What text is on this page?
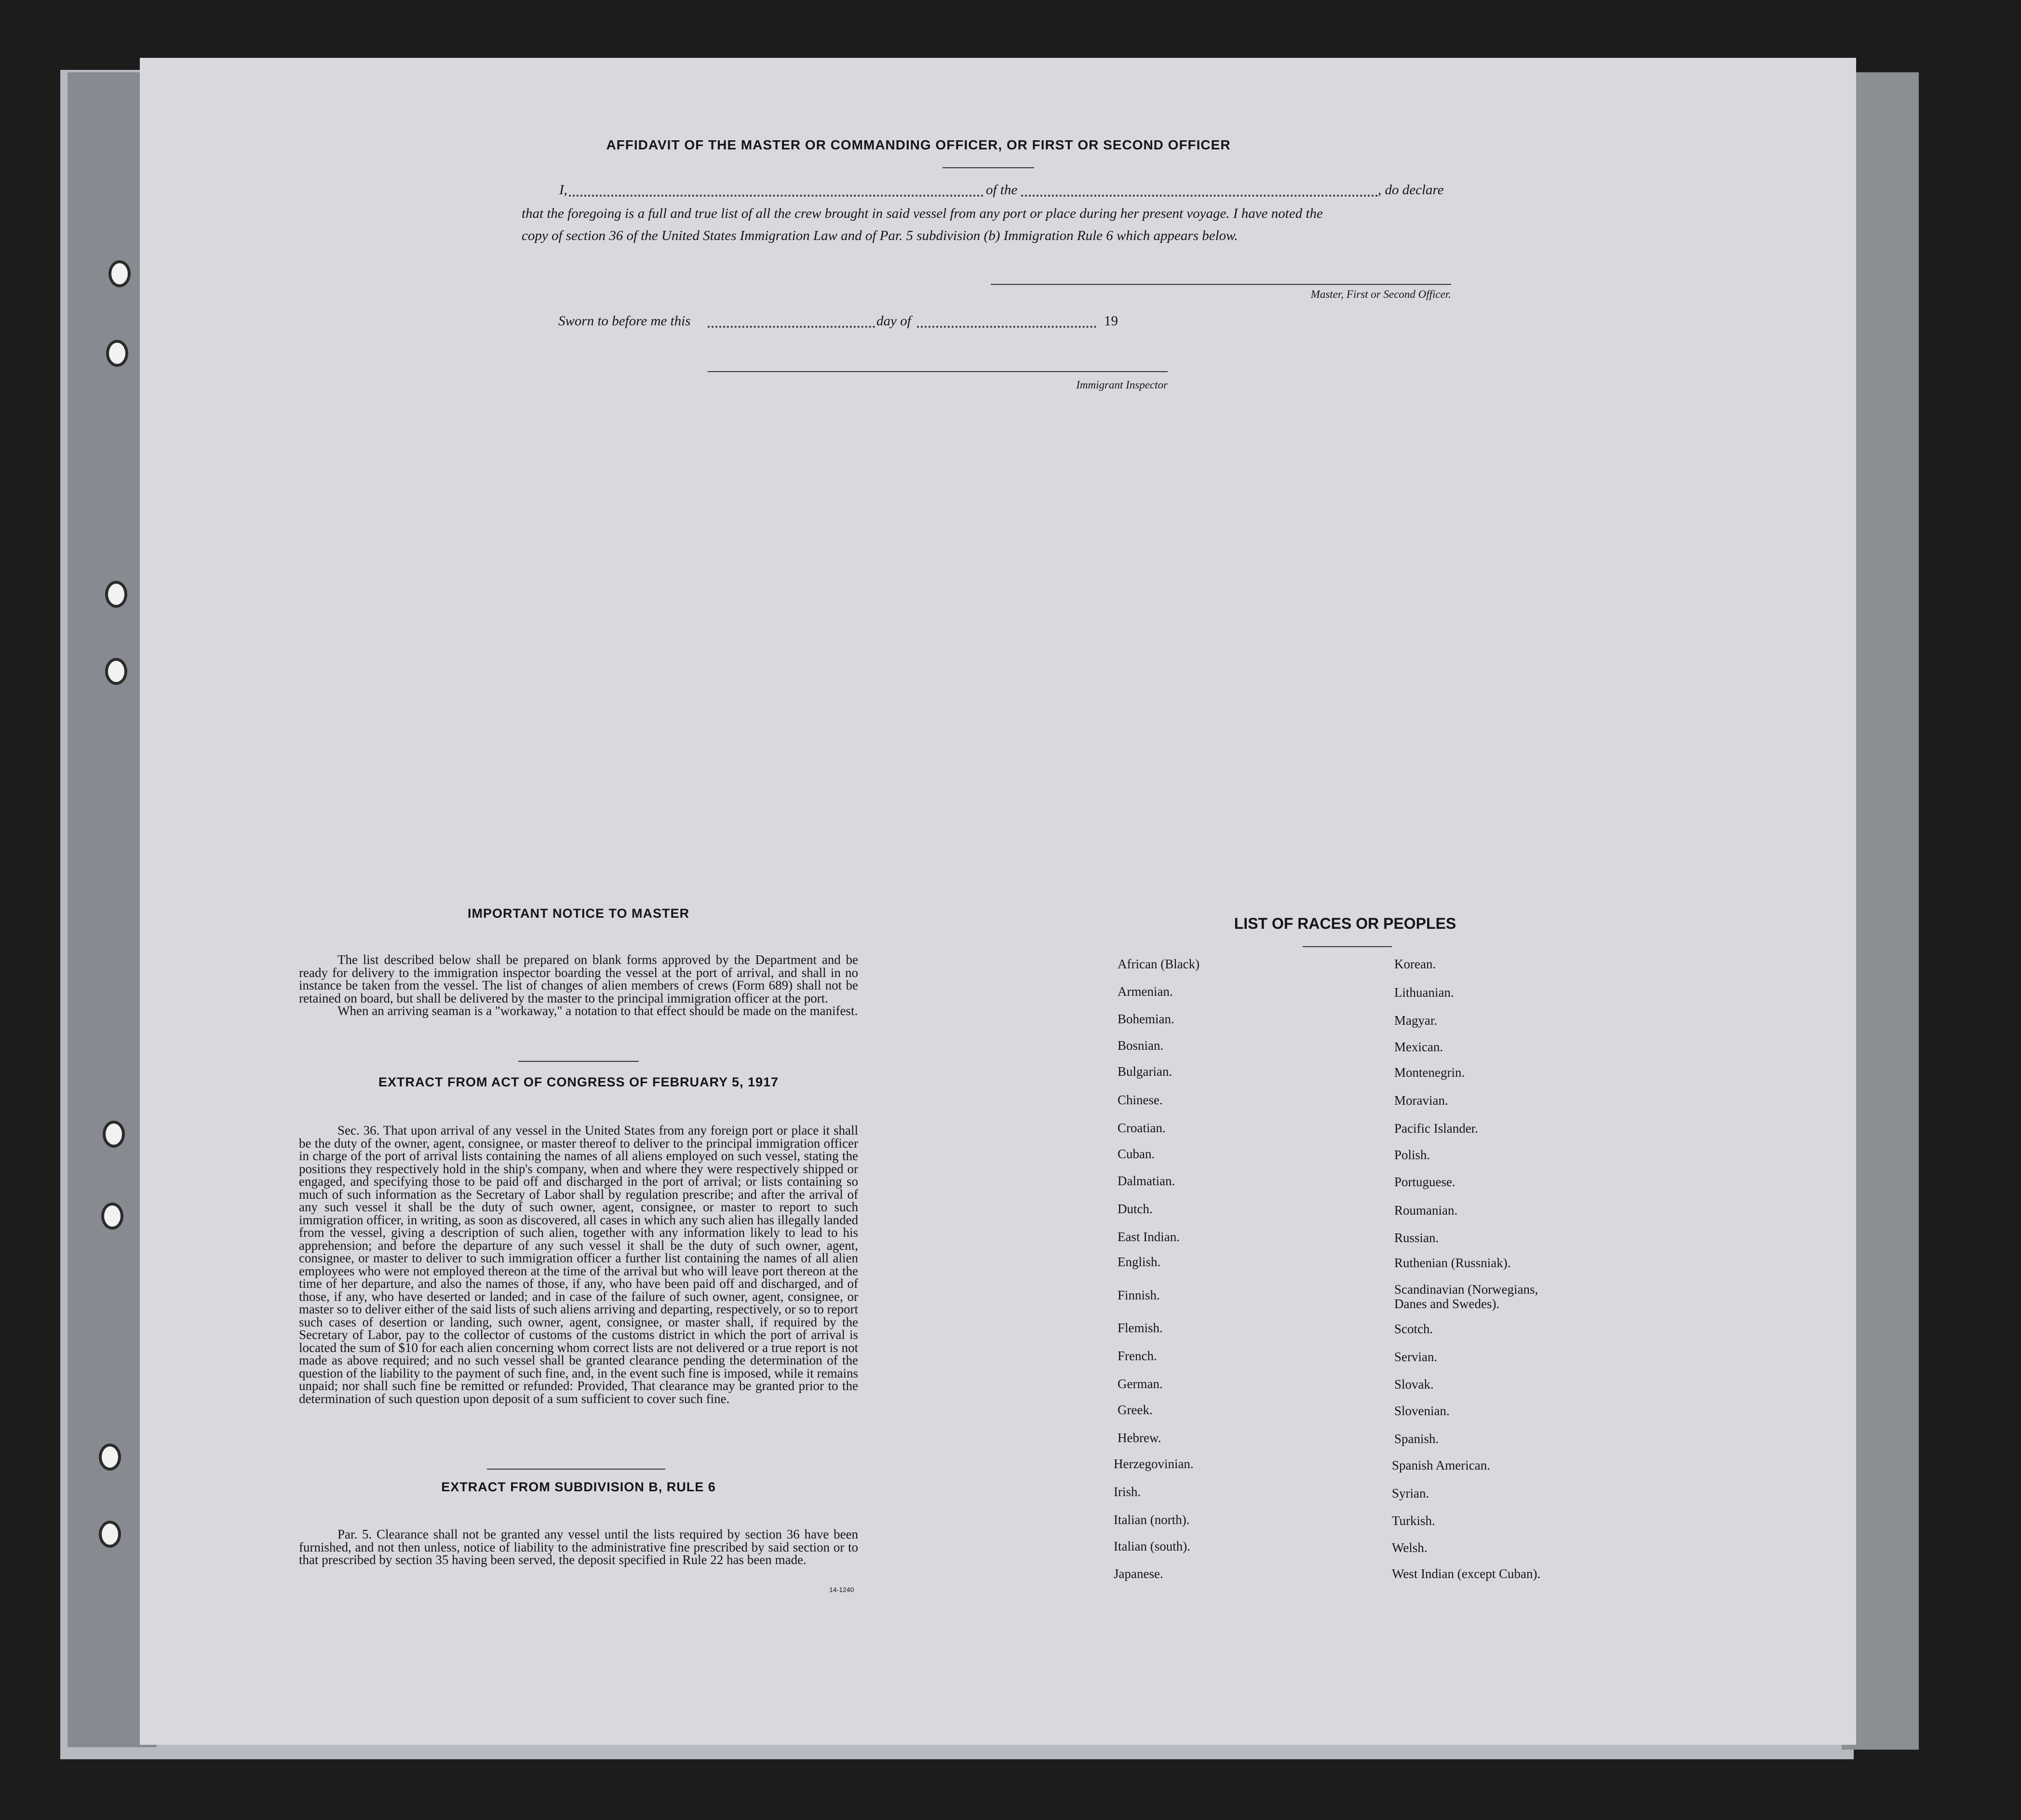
AFFIDAVIT OF THE MASTER OR COMMANDING OFFICER, OR FIRST OR SECOND OFFICER
I,	of the	, do declare
that the foregoing is a full and true list of all the crew brought in said vessel from any port or place during her present voyage. I have noted the
copy of section 36 of the United States Immigration Law and of Par. 5 subdivision (b) Immigration Rule 6 which appears below.
Master, First or Second Officer.
Sworn to before me this	day of	19
Immigrant Inspector
IMPORTANT NOTICE TO MASTER

The list described below shall be prepared on blank forms approved by the Department and be ready for delivery to the immigration inspector boarding the vessel at the port of arrival, and shall in no instance be taken from the vessel. The list of changes of alien members of crews (Form 689) shall not be retained on board, but shall be delivered by the master to the principal immigration officer at the port.

When an arriving seaman is a "workaway," a notation to that effect should be made on the manifest.

EXTRACT FROM ACT OF CONGRESS OF FEBRUARY 5, 1917

Sec. 36. That upon arrival of any vessel in the United States from any foreign port or place it shall be the duty of the owner, agent, consignee, or master thereof to deliver to the principal immigration officer in charge of the port of arrival lists containing the names of all aliens employed on such vessel, stating the positions they respectively hold in the ship's company, when and where they were respectively shipped or engaged, and specifying those to be paid off and discharged in the port of arrival; or lists containing so much of such information as the Secretary of Labor shall by regulation prescribe; and after the arrival of any such vessel it shall be the duty of such owner, agent, consignee, or master to report to such immigration officer, in writing, as soon as discovered, all cases in which any such alien has illegally landed from the vessel, giving a description of such alien, together with any information likely to lead to his apprehension; and before the departure of any such vessel it shall be the duty of such owner, agent, consignee, or master to deliver to such immigration officer a further list containing the names of all alien employees who were not employed thereon at the time of the arrival but who will leave port thereon at the time of her departure, and also the names of those, if any, who have been paid off and discharged, and of those, if any, who have deserted or landed; and in case of the failure of such owner, agent, consignee, or master so to deliver either of the said lists of such aliens arriving and departing, respectively, or so to report such cases of desertion or landing, such owner, agent, consignee, or master shall, if required by the Secretary of Labor, pay to the collector of customs of the customs district in which the port of arrival is located the sum of $10 for each alien concerning whom correct lists are not delivered or a true report is not made as above required; and no such vessel shall be granted clearance pending the determination of the question of the liability to the payment of such fine, and, in the event such fine is imposed, while it remains unpaid; nor shall such fine be remitted or refunded: Provided, That clearance may be granted prior to the determination of such question upon deposit of a sum sufficient to cover such fine.

EXTRACT FROM SUBDIVISION B, RULE 6

Par. 5. Clearance shall not be granted any vessel until the lists required by section 36 have been furnished, and not then unless, notice of liability to the administrative fine prescribed by said section or to that prescribed by section 35 having been served, the deposit specified in Rule 22 has been made.

14-1240
LIST OF RACES OR PEOPLES
African (Black)
Armenian.
Bohemian.
Bosnian.
Bulgarian.
Chinese.
Croatian.
Cuban.
Dalmatian.
Dutch.
East Indian.
English.
Finnish.
Flemish.
French.
German.
Greek.
Hebrew.
Herzegovinian.
Irish.
Italian (north).
Italian (south).
Japanese.
Korean.
Lithuanian.
Magyar.
Mexican.
Montenegrin.
Moravian.
Pacific Islander.
Polish.
Portuguese.
Roumanian.
Russian.
Ruthenian (Russniak).
Scandinavian (Norwegians,
Danes and Swedes).
Scotch.
Servian.
Slovak.
Slovenian.
Spanish.
Spanish American.
Syrian.
Turkish.
Welsh.
West Indian (except Cuban).
